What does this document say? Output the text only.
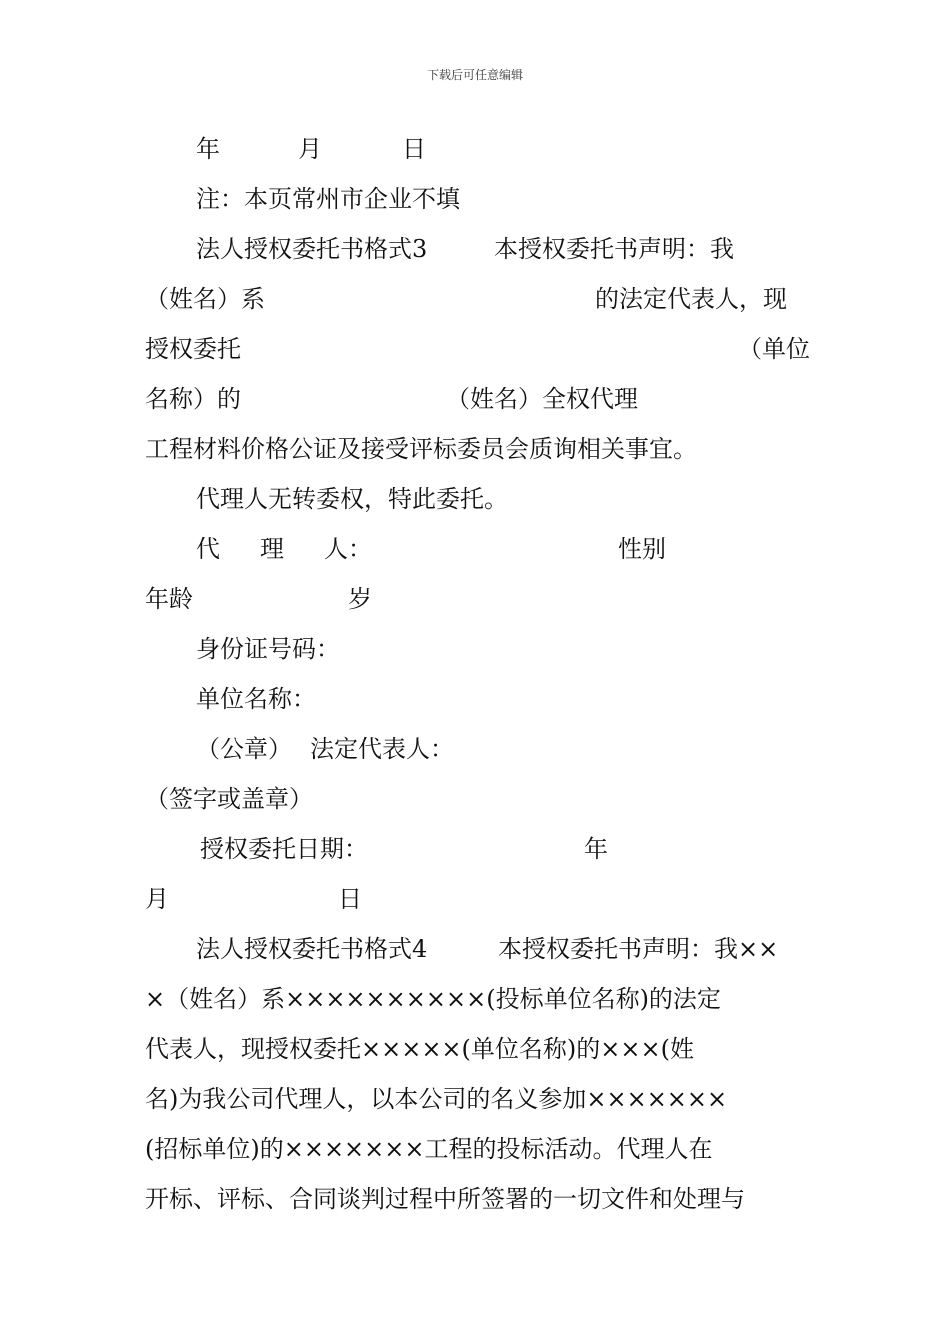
下载后可任意编辑
年	月	日
注：本页常州市企业不填
法人授权委托书格式3	本授权委托书声明：我
（姓名）系	的法定代表人，现
授权委托	（单位
名称）的	（姓名）全权代理
工程材料价格公证及接受评标委员会质询相关事宜。
代理人无转委权，特此委托。
代 理 人：	性别
年龄	岁
身份证号码：
单位名称：
（公章） 法定代表人：
（签字或盖章）
授权委托日期：	年
月	日
法人授权委托书格式4	本授权委托书声明：我××
×（姓名）系××××××××××(投标单位名称)的法定
代表人，现授权委托×××××(单位名称)的×××(姓
名)为我公司代理人，以本公司的名义参加×××××××
(招标单位)的×××××××工程的投标活动。代理人在
开标、评标、合同谈判过程中所签署的一切文件和处理与
